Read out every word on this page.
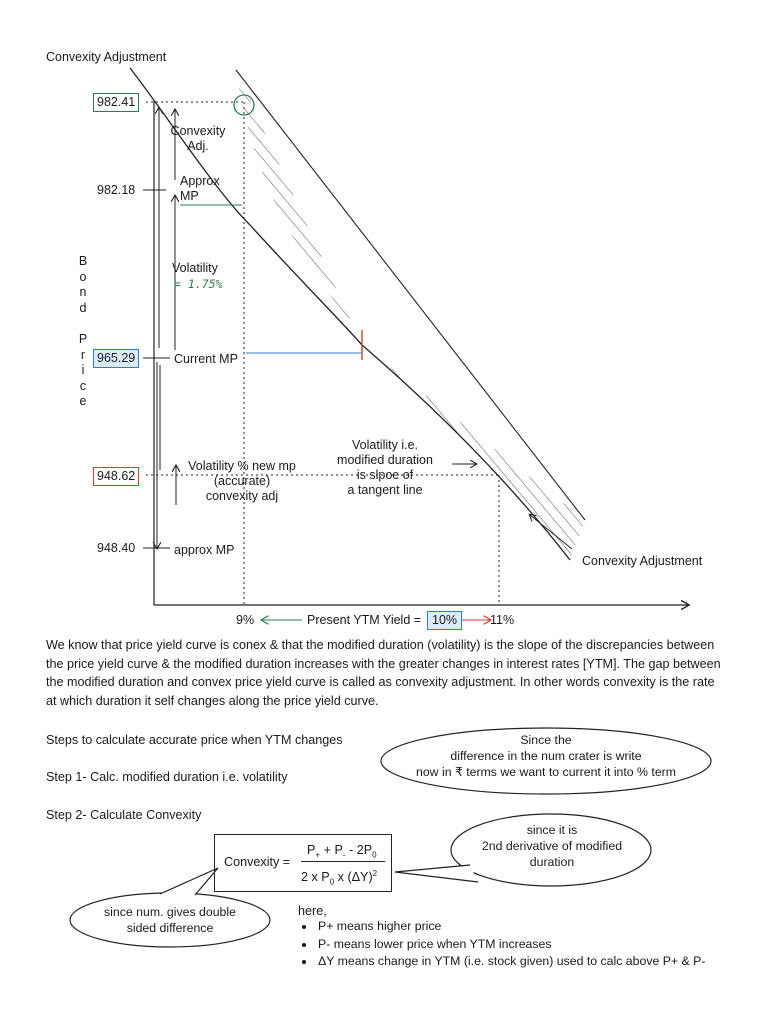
Convexity Adjustment
B
o
n
d
P
r
i
c
e
982.41
982.18
965.29
948.62
948.40
Convexity
Adj.
Approx
MP
Volatility
= 1.75%
Current MP
Volatility % new mp
(accurate)
convexity adj
approx MP
Volatility i.e.
modified duration
is slpoe of
a tangent line
Convexity Adjustment
9%	Present YTM Yield = 10%	11%
We know that price yield curve is conex & that the modified duration (volatility) is the slope of the discrepancies between the price yield curve & the modified duration increases with the greater changes in interest rates [YTM]. The gap between the modified duration and convex price yield curve is called as convexity adjustment. In other words convexity is the rate at which duration it self changes along the price yield curve.
Steps to calculate accurate price when YTM changes
Step 1- Calc. modified duration i.e. volatility
Step 2- Calculate Convexity
Since the
difference in the num crater is write
now in ₹ terms we want to current it into % term
since it is
2nd derivative of modified
duration
since num. gives double
sided difference
Convexity =
$P_+ + P_- - 2P_0$
2 x $P_0$ x $(\Delta Y)^2$
here,
• P+ means higher price
• P- means lower price when YTM increases
• ΔY means change in YTM (i.e. stock given) used to calc above P+ & P-
